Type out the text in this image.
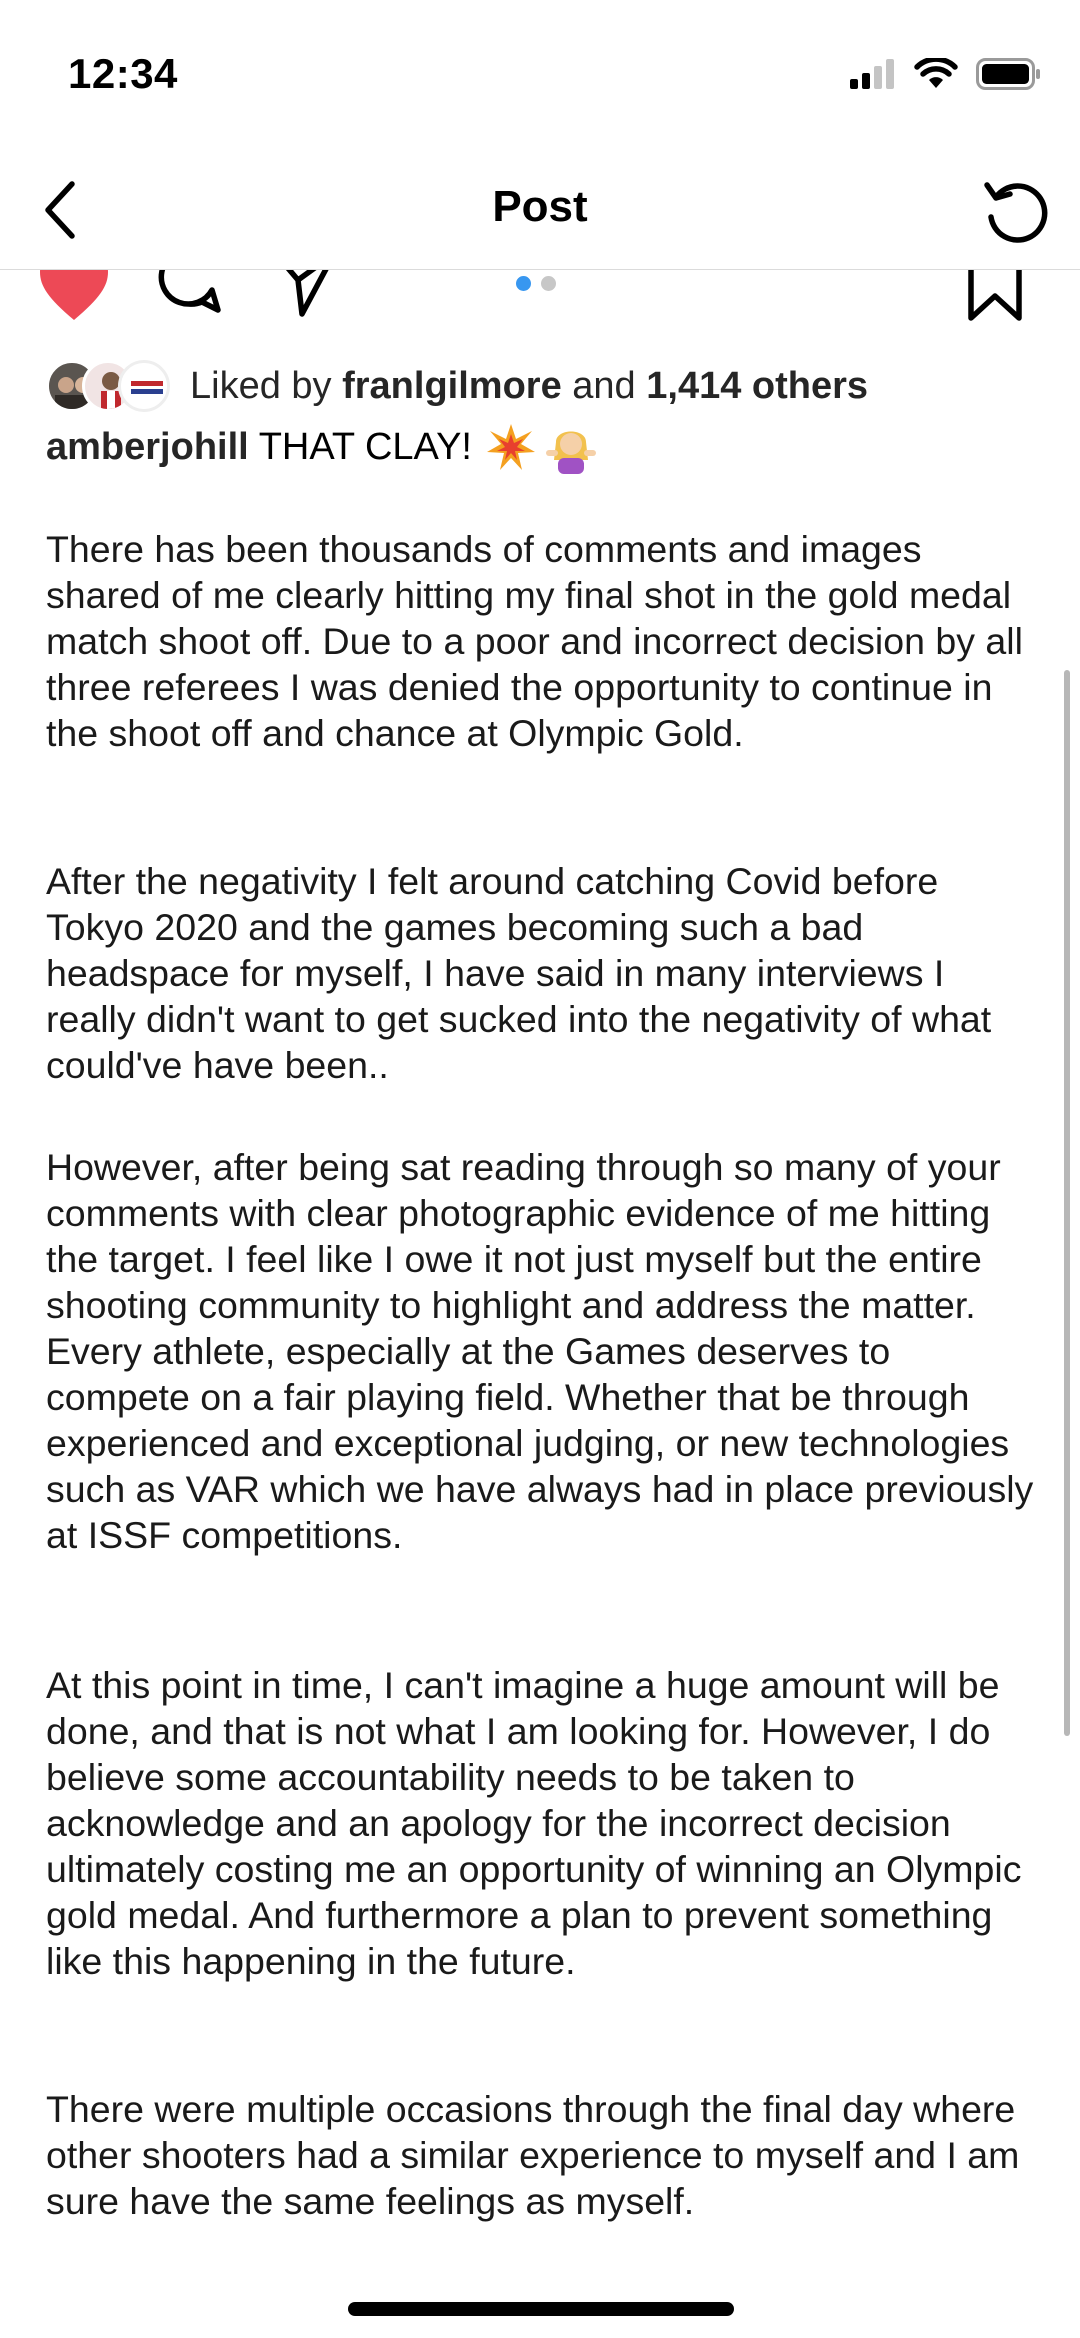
12:34
Post
Liked by franlgilmore and 1,414 others
amberjohill THAT CLAY!
There has been thousands of comments and images shared of me clearly hitting my final shot in the gold medal match shoot off. Due to a poor and incorrect decision by all three referees I was denied the opportunity to continue in the shoot off and chance at Olympic Gold.
After the negativity I felt around catching Covid before Tokyo 2020 and the games becoming such a bad headspace for myself, I have said in many interviews I really didn't want to get sucked into the negativity of what could've have been..
However, after being sat reading through so many of your comments with clear photographic evidence of me hitting the target. I feel like I owe it not just myself but the entire shooting community to highlight and address the matter. Every athlete, especially at the Games deserves to compete on a fair playing field. Whether that be through experienced and exceptional judging, or new technologies such as VAR which we have always had in place previously at ISSF competitions.
At this point in time, I can't imagine a huge amount will be done, and that is not what I am looking for. However, I do believe some accountability needs to be taken to acknowledge and an apology for the incorrect decision ultimately costing me an opportunity of winning an Olympic gold medal. And furthermore a plan to prevent something like this happening in the future.
There were multiple occasions through the final day where other shooters had a similar experience to myself and I am sure have the same feelings as myself.
